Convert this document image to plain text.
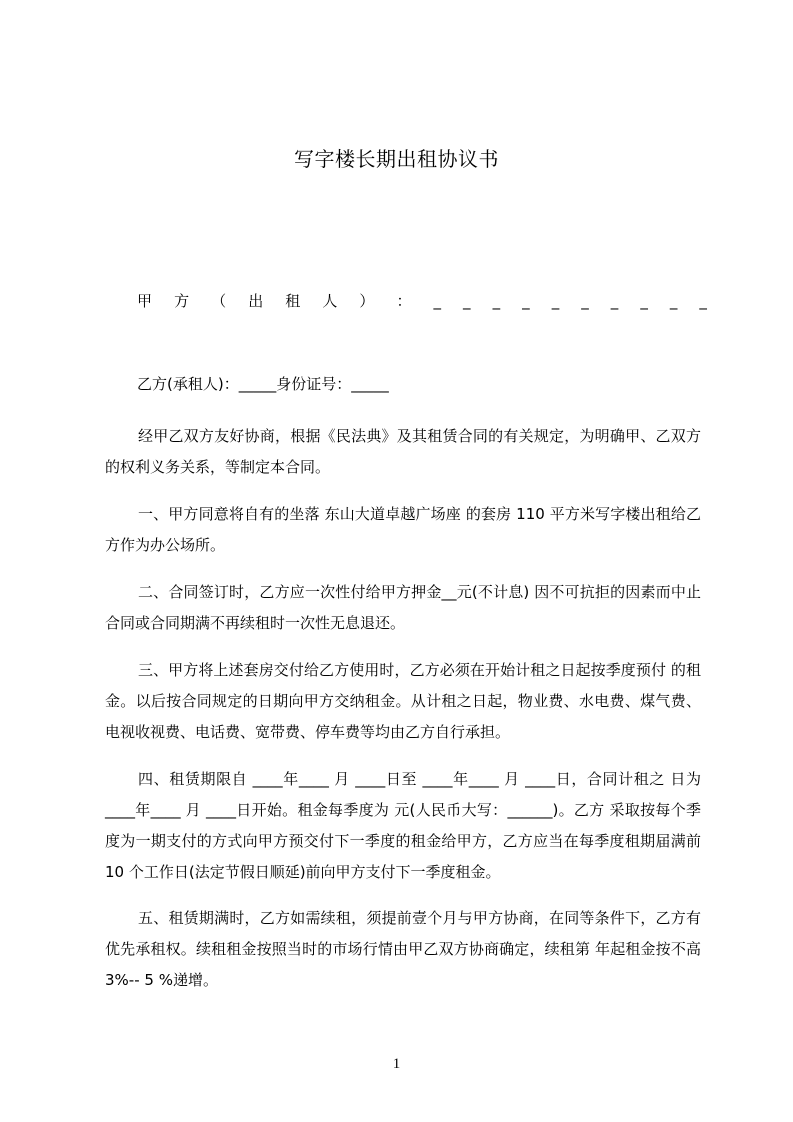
写字楼长期出租协议书
甲 方 （ 出 租 人 ） ： _ _ _ _ _ _ _ _ _ _
乙方(承租人)：_____身份证号：_____

经甲乙双方友好协商，根据《民法典》及其租赁合同的有关规定，为明确甲、乙双方的权利义务关系，等制定本合同。

一、甲方同意将自有的坐落 东山大道卓越广场座 的套房 110 平方米写字楼出租给乙方作为办公场所。

二、合同签订时，乙方应一次性付给甲方押金__元(不计息) 因不可抗拒的因素而中止合同或合同期满不再续租时一次性无息退还。

三、甲方将上述套房交付给乙方使用时，乙方必须在开始计租之日起按季度预付 的租金。以后按合同规定的日期向甲方交纳租金。从计租之日起，物业费、水电费、煤气费、电视收视费、电话费、宽带费、停车费等均由乙方自行承担。

四、租赁期限自 ____年____ 月 ____日至 ____年____ 月 ____日，合同计租之 日为 ____年____ 月 ____日开始。租金每季度为 元(人民币大写：______)。乙方 采取按每个季度为一期支付的方式向甲方预交付下一季度的租金给甲方，乙方应当在每季度租期届满前 10 个工作日(法定节假日顺延)前向甲方支付下一季度租金。

五、租赁期满时，乙方如需续租，须提前壹个月与甲方协商，在同等条件下，乙方有优先承租权。续租租金按照当时的市场行情由甲乙双方协商确定，续租第 年起租金按不高 3%-- 5 %递增。

1
